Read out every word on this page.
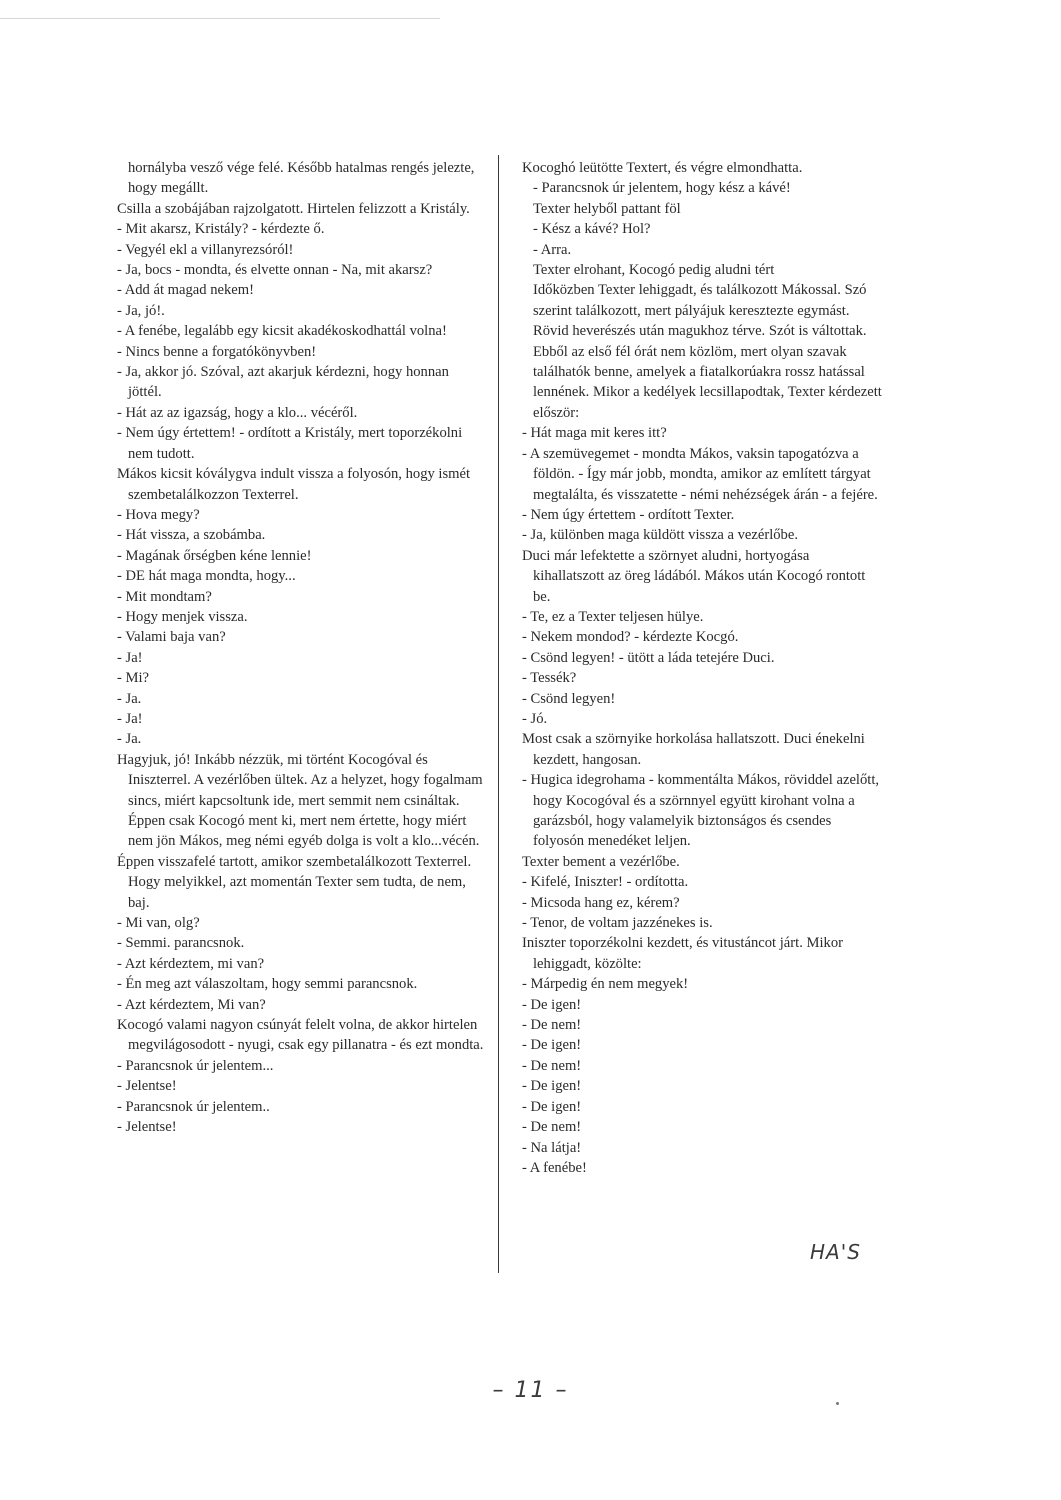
hornályba vesző vége felé. Később hatalmas rengés jelezte, hogy megállt.

Csilla a szobájában rajzolgatott. Hirtelen felizzott a Kristály.

- Mit akarsz, Kristály? - kérdezte ő.

- Vegyél ekl a villanyrezsóról!

- Ja, bocs - mondta, és elvette onnan - Na, mit akarsz?

- Add át magad nekem!

- Ja, jó!.

- A fenébe, legalább egy kicsit akadékoskodhattál volna!

- Nincs benne a forgatókönyvben!

- Ja, akkor jó. Szóval, azt akarjuk kérdezni, hogy honnan jöttél.

- Hát az az igazság, hogy a klo... vécéről.

- Nem úgy értettem! - ordított a Kristály, mert toporzékolni nem tudott.

Mákos kicsit kóválygva indult vissza a folyosón, hogy ismét szembetalálkozzon Texterrel.

- Hova megy?

- Hát vissza, a szobámba.

- Magának őrségben kéne lennie!

- DE hát maga mondta, hogy...

- Mit mondtam?

- Hogy menjek vissza.

- Valami baja van?

- Ja!

- Mi?

- Ja.

- Ja!

- Ja.

Hagyjuk, jó! Inkább nézzük, mi történt Kocogóval és Iniszterrel. A vezérlőben ültek. Az a helyzet, hogy fogalmam sincs, miért kapcsoltunk ide, mert semmit nem csináltak. Éppen csak Kocogó ment ki, mert nem értette, hogy miért nem jön Mákos, meg némi egyéb dolga is volt a klo...vécén.

Éppen visszafelé tartott, amikor szembetalálkozott Texterrel. Hogy melyikkel, azt momentán Texter sem tudta, de nem, baj.

- Mi van, olg?

- Semmi. parancsnok.

- Azt kérdeztem, mi van?

- Én meg azt válaszoltam, hogy semmi parancsnok.

- Azt kérdeztem, Mi van?

Kocogó valami nagyon csúnyát felelt volna, de akkor hirtelen megvilágosodott - nyugi, csak egy pillanatra - és ezt mondta.

- Parancsnok úr jelentem...

- Jelentse!

- Parancsnok úr jelentem..

- Jelentse!

Kocoghó leütötte Textert, és végre elmondhatta.

- Parancsnok úr jelentem, hogy kész a kávé!

Texter helyből pattant föl

- Kész a kávé? Hol?

- Arra.

Texter elrohant, Kocogó pedig aludni tért

Időközben Texter lehiggadt, és találkozott Mákossal. Szó szerint találkozott, mert pályájuk keresztezte egymást. Rövid heverészés után magukhoz térve. Szót is váltottak. Ebből az első fél órát nem közlöm, mert olyan szavak találhatók benne, amelyek a fiatalkorúakra rossz hatással lennének. Mikor a kedélyek lecsillapodtak, Texter kérdezett először:

- Hát maga mit keres itt?

- A szemüvegemet - mondta Mákos, vaksin tapogatózva a földön. - Így már jobb, mondta, amikor az említett tárgyat megtalálta, és visszatette - némi nehézségek árán - a fejére.

- Nem úgy értettem - ordított Texter.

- Ja, különben maga küldött vissza a vezérlőbe.

Duci már lefektette a szörnyet aludni, hortyogása kihallatszott az öreg ládából. Mákos után Kocogó rontott be.

- Te, ez a Texter teljesen hülye.

- Nekem mondod? - kérdezte Kocgó.

- Csönd legyen! - ütött a láda tetejére Duci.

- Tessék?

- Csönd legyen!

- Jó.

Most csak a szörnyike horkolása hallatszott. Duci énekelni kezdett, hangosan.

- Hugica idegrohama - kommentálta Mákos, röviddel azelőtt, hogy Kocogóval és a szörnnyel együtt kirohant volna a garázsból, hogy valamelyik biztonságos és csendes folyosón menedéket leljen.

Texter bement a vezérlőbe.

- Kifelé, Iniszter! - ordította.

- Micsoda hang ez, kérem?

- Tenor, de voltam jazzénekes is.

Iniszter toporzékolni kezdett, és vitustáncot járt. Mikor lehiggadt, közölte:

- Márpedig én nem megyek!

- De igen!

- De nem!

- De igen!

- De nem!

- De igen!

- De igen!

- De nem!

- Na látja!

- A fenébe!

HA'S
– 11 –
